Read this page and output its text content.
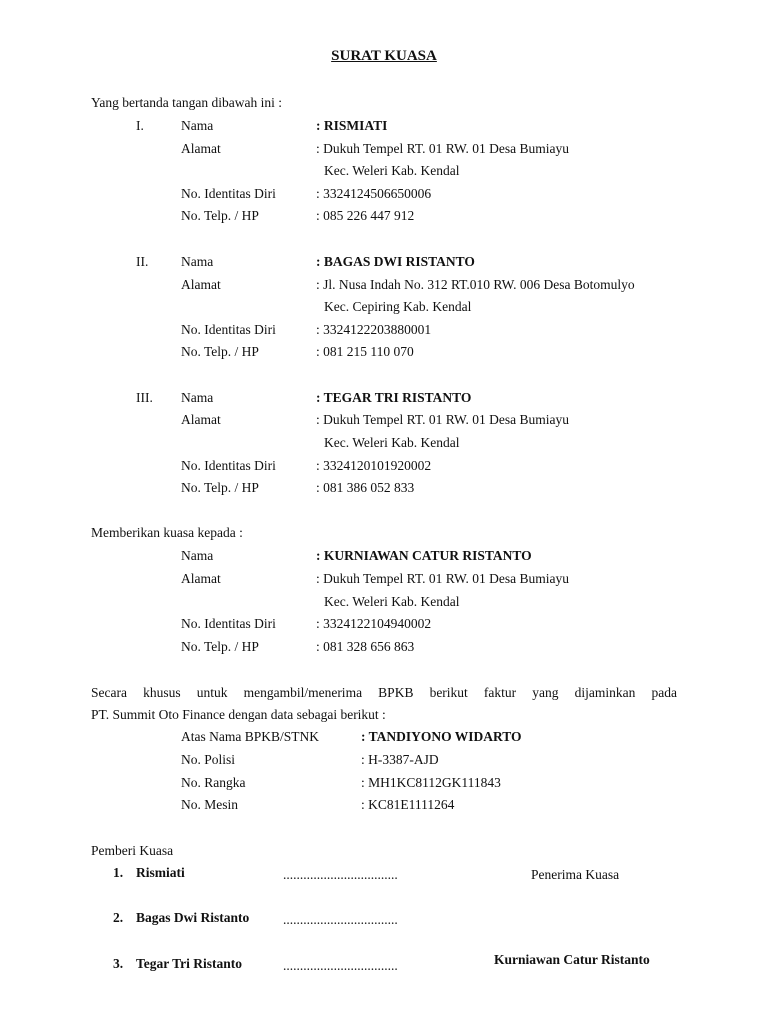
SURAT KUASA
Yang bertanda tangan dibawah ini :
I.	Nama	: RISMIATI
Alamat	: Dukuh Tempel RT. 01 RW. 01 Desa Bumiayu
Kec. Weleri Kab. Kendal
No. Identitas Diri	: 3324124506650006
No. Telp. / HP	: 085 226 447 912
II. Nama	: BAGAS DWI RISTANTO
Alamat	: Jl. Nusa Indah No. 312 RT.010 RW. 006 Desa Botomulyo
Kec. Cepiring Kab. Kendal
No. Identitas Diri	: 3324122203880001
No. Telp. / HP	: 081 215 110 070
III. Nama	: TEGAR TRI RISTANTO
Alamat	: Dukuh Tempel RT. 01 RW. 01 Desa Bumiayu
Kec. Weleri Kab. Kendal
No. Identitas Diri	: 3324120101920002
No. Telp. / HP	: 081 386 052 833
Memberikan kuasa kepada :
Nama	: KURNIAWAN CATUR RISTANTO
Alamat	: Dukuh Tempel RT. 01 RW. 01 Desa Bumiayu
Kec. Weleri Kab. Kendal
No. Identitas Diri	: 3324122104940002
No. Telp. / HP	: 081 328 656 863
Secara khusus untuk mengambil/menerima BPKB berikut faktur yang dijaminkan pada
PT. Summit Oto Finance dengan data sebagai berikut :
Atas Nama BPKB/STNK	: TANDIYONO WIDARTO
No. Polisi	: H-3387-AJD
No. Rangka	: MH1KC8112GK111843
No. Mesin	: KC81E1111264
Pemberi Kuasa
1. Rismiati	..................................	Penerima Kuasa
2. Bagas Dwi Ristanto ..................................
3. Tegar Tri Ristanto	..................................	Kurniawan Catur Ristanto
